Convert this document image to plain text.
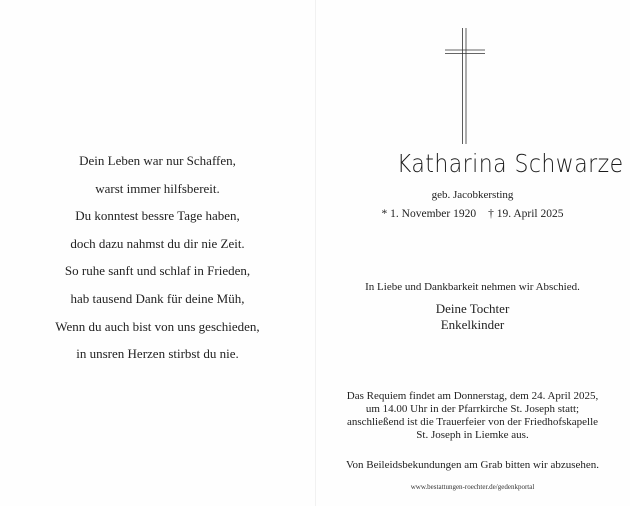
Dein Leben war nur Schaffen,
warst immer hilfsbereit.
Du konntest bessre Tage haben,
doch dazu nahmst du dir nie Zeit.
So ruhe sanft und schlaf in Frieden,
hab tausend Dank für deine Müh,
Wenn du auch bist von uns geschieden,
in unsren Herzen stirbst du nie.
Katharina Schwarze
geb. Jacobkersting
* 1. November 1920 † 19. April 2025
In Liebe und Dankbarkeit nehmen wir Abschied.
Deine Tochter
Enkelkinder
Das Requiem findet am Donnerstag, dem 24. April 2025,
um 14.00 Uhr in der Pfarrkirche St. Joseph statt;
anschließend ist die Trauerfeier von der Friedhofskapelle
St. Joseph in Liemke aus.
Von Beileidsbekundungen am Grab bitten wir abzusehen.
www.bestattungen-roechter.de/gedenkportal
